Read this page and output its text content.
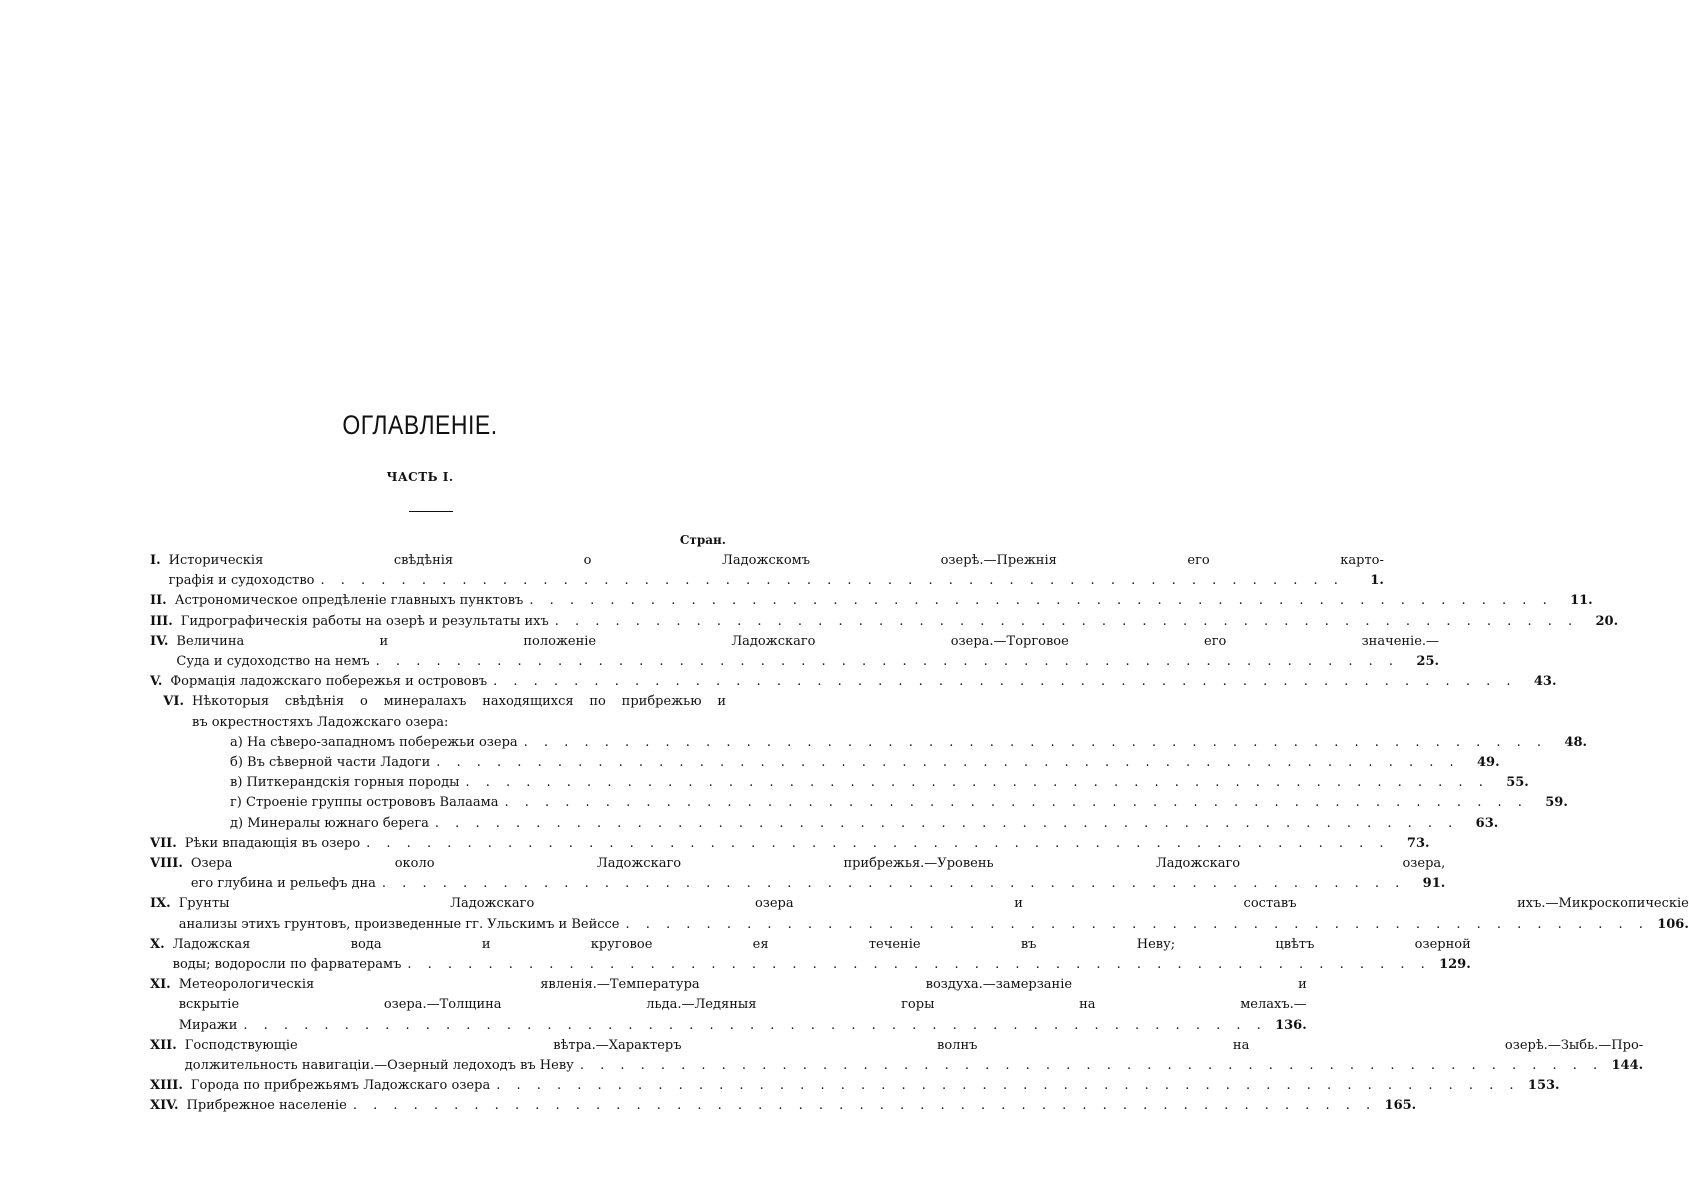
ОГЛАВЛЕНIЕ.
ЧАСТЬ I.
Стран.
I. Историческiя свѣдѣнiя о Ладожскомъ озерѣ.—Прежнiя его карто-
графiя и судоходство . . .	1.
II. Астрономическое опредѣленiе главныхъ пунктовъ . . .	11.
III. Гидрографическiя работы на озерѣ и результаты ихъ . . .	20.
IV. Величина и положенiе Ладожскаго озера.—Торговое его значенiе.—
Суда и судоходство на немъ . . .	25.
V. Формацiя ладожскаго побережья и острововъ . . .	43.
VI. Нѣкоторыя свѣдѣнiя о минералахъ находящихся по прибрежью и
въ окрестностяхъ Ладожскаго озера:
а) На сѣверо-западномъ побережьи озера . . .	48.
б) Въ сѣверной части Ладоги . . .	49.
в) Питкерандскiя горныя породы . . .	55.
г) Строенiе группы острововъ Валаама . . .	59.
д) Минералы южнаго берега . . .	63.
VII. Рѣки впадающiя въ озеро . . .	73.
VIII. Озера около Ладожскаго прибрежья.—Уровень Ладожскаго озера,
его глубина и рельефъ дна . . .	91.
IX. Грунты Ладожскаго озера и составъ ихъ.—Микроскопическiе
анализы этихъ грунтовъ, произведенные гг. Ульскимъ и Вейссе . . .	106.
X. Ладожская вода и круговое ея теченiе въ Неву; цвѣтъ озерной
воды; водоросли по фарватерамъ . . .	129.
XI. Метеорологическiя явленiя.—Температура воздуха.—замерзанiе и
вскрытiе озера.—Толщина льда.—Ледяныя горы на мелахъ.—
Миражи . . .	136.
XII. Господствующiе вѣтра.—Характеръ волнъ на озерѣ.—Зыбь.—Про-
должительность навигацiи.—Озерный ледоходъ въ Неву . . .	144.
XIII. Города по прибрежьямъ Ладожскаго озера . . .	153.
XIV. Прибрежное населенiе . . .	165.
